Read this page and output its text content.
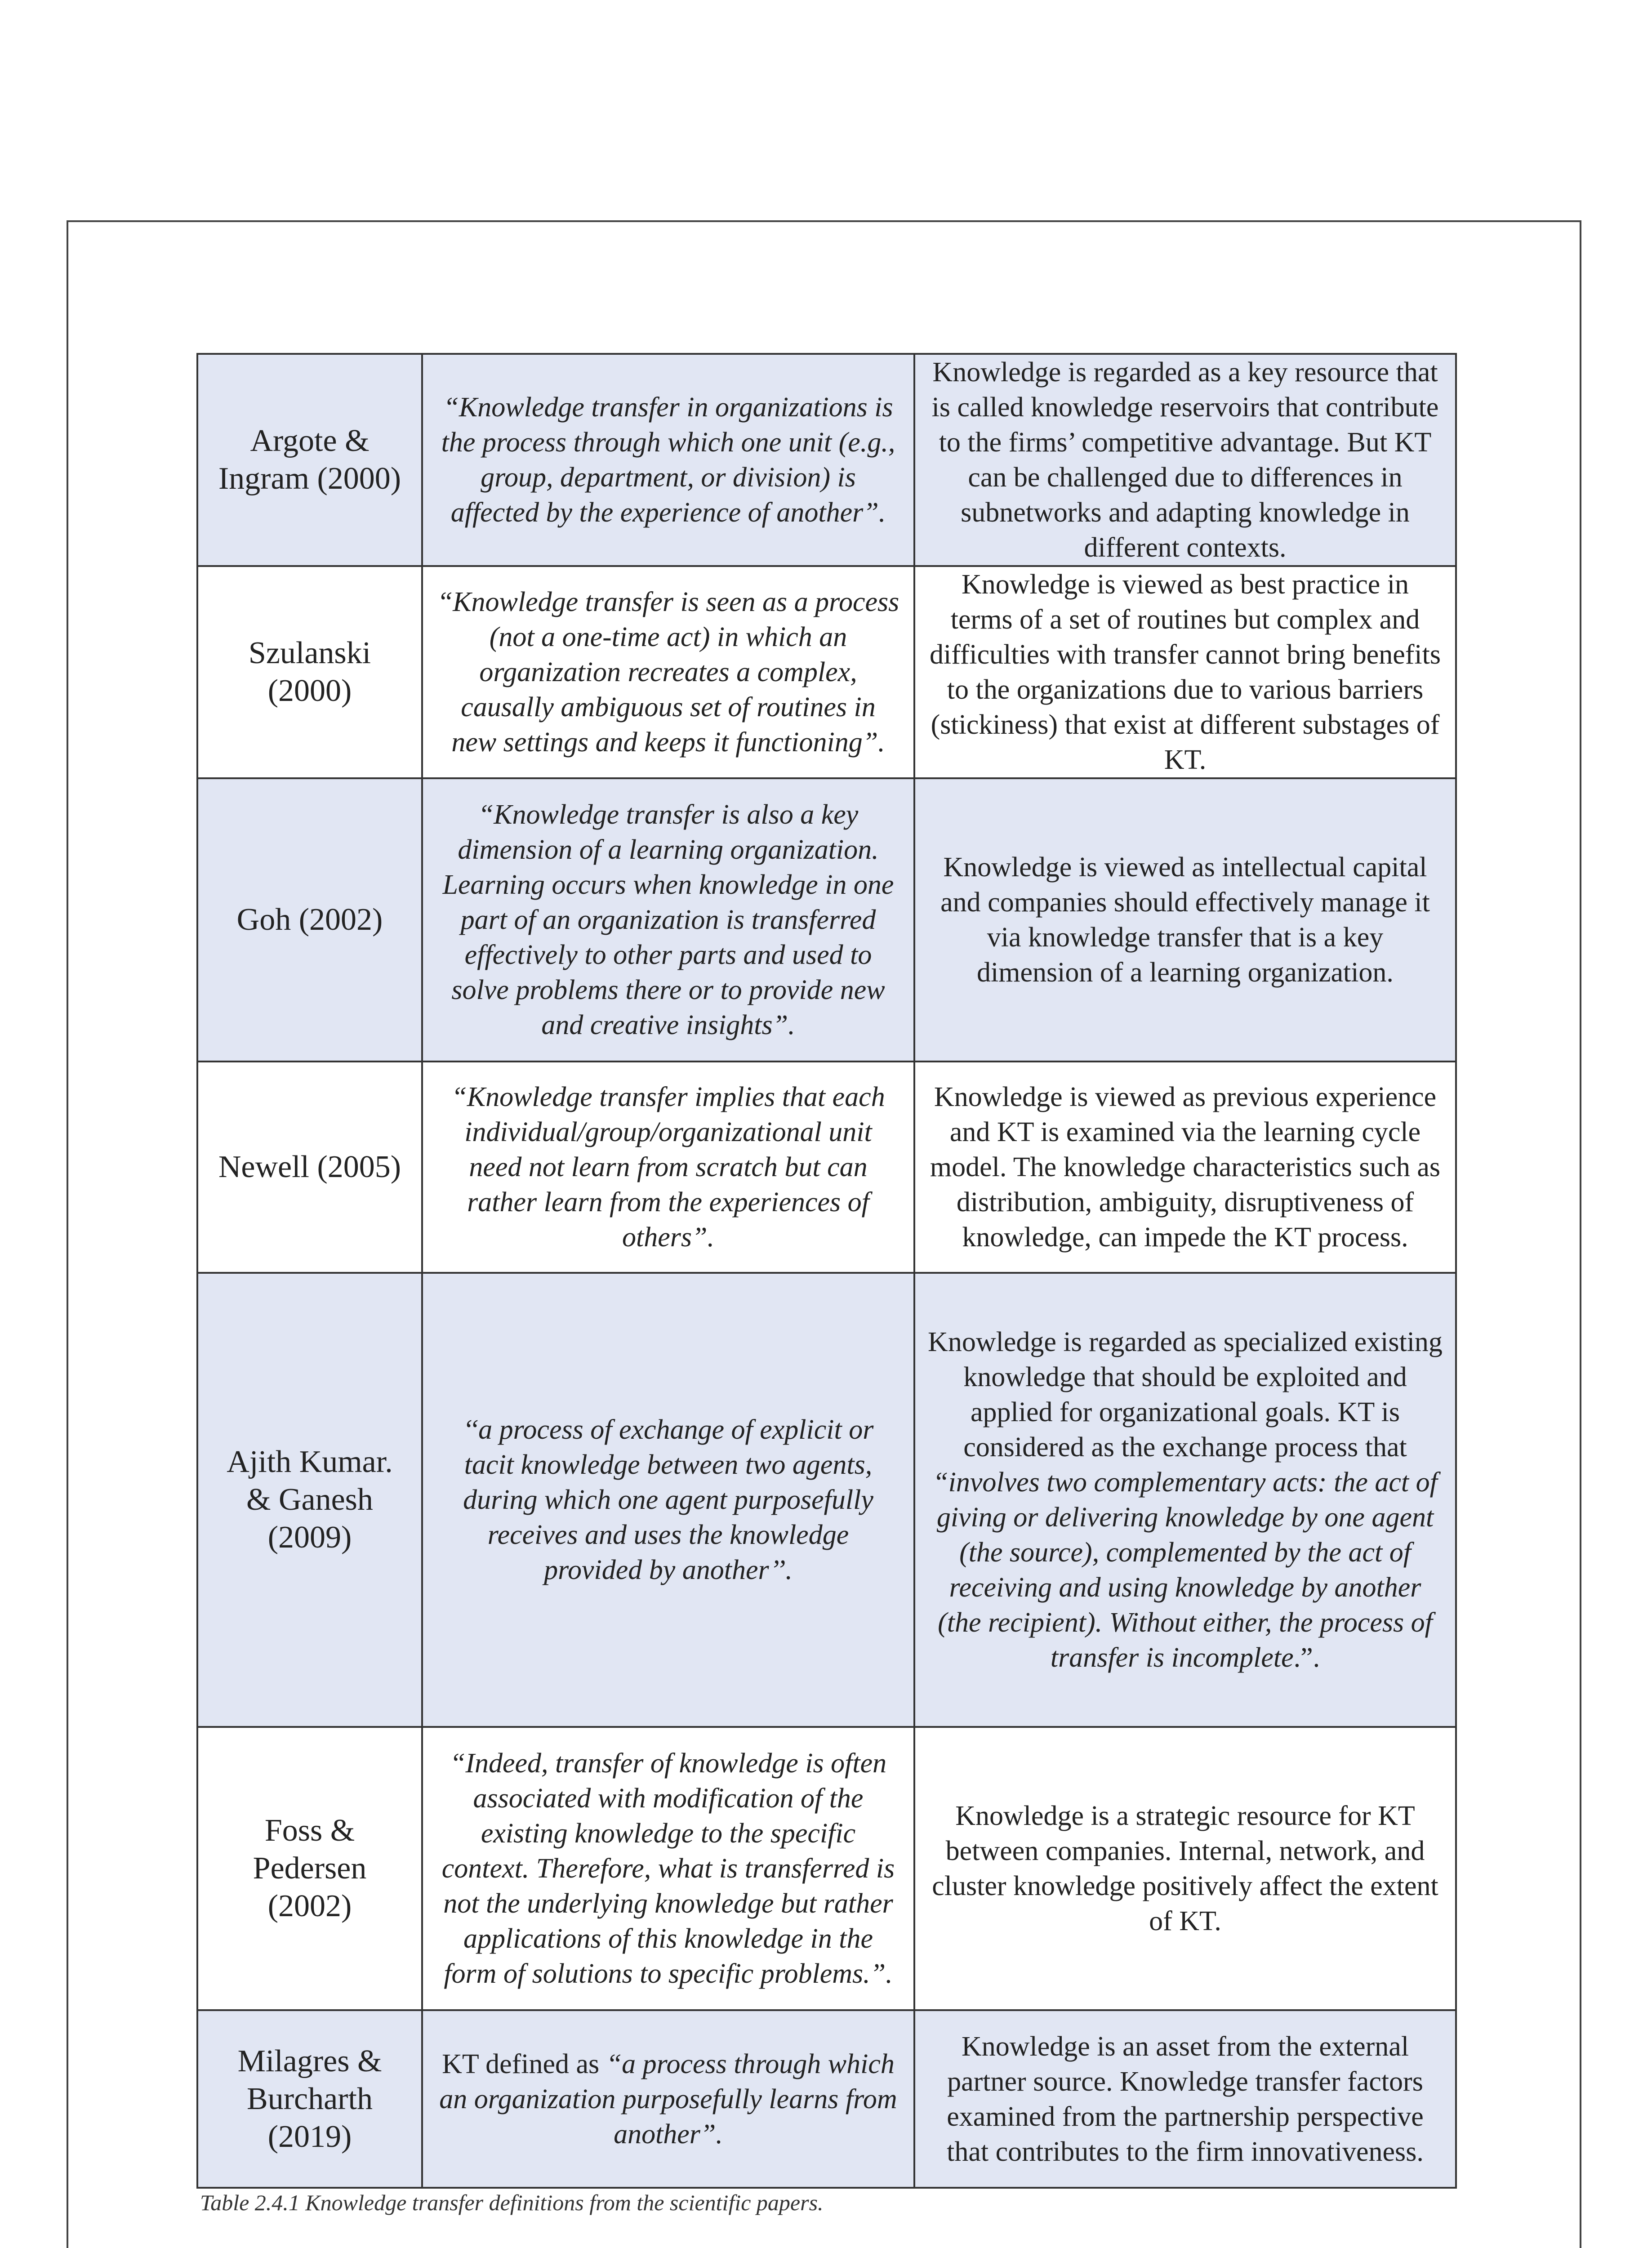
Argote & Ingram (2000)	“Knowledge transfer in organizations is the process through which one unit (e.g., group, department, or division) is affected by the experience of another”.	Knowledge is regarded as a key resource that is called knowledge reservoirs that contribute to the firms’ competitive advantage. But KT can be challenged due to differences in subnetworks and adapting knowledge in different contexts.
Szulanski (2000)	“Knowledge transfer is seen as a process (not a one-time act) in which an organization recreates a complex, causally ambiguous set of routines in new settings and keeps it functioning”.	Knowledge is viewed as best practice in terms of a set of routines but complex and difficulties with transfer cannot bring benefits to the organizations due to various barriers (stickiness) that exist at different substages of KT.
Goh (2002)	“Knowledge transfer is also a key dimension of a learning organization. Learning occurs when knowledge in one part of an organization is transferred effectively to other parts and used to solve problems there or to provide new and creative insights”.	Knowledge is viewed as intellectual capital and companies should effectively manage it via knowledge transfer that is a key dimension of a learning organization.
Newell (2005)	“Knowledge transfer implies that each individual/group/organizational unit need not learn from scratch but can rather learn from the experiences of others”.	Knowledge is viewed as previous experience and KT is examined via the learning cycle model. The knowledge characteristics such as distribution, ambiguity, disruptiveness of knowledge, can impede the KT process.
Ajith Kumar. & Ganesh (2009)	‘‘a process of exchange of explicit or tacit knowledge between two agents, during which one agent purposefully receives and uses the knowledge provided by another’’.	Knowledge is regarded as specialized existing knowledge that should be exploited and applied for organizational goals. KT is considered as the exchange process that “involves two complementary acts: the act of giving or delivering knowledge by one agent (the source), complemented by the act of receiving and using knowledge by another (the recipient). Without either, the process of transfer is incomplete.”.
Foss & Pedersen (2002)	“Indeed, transfer of knowledge is often associated with modification of the existing knowledge to the specific context. Therefore, what is transferred is not the underlying knowledge but rather applications of this knowledge in the form of solutions to specific problems.”.	Knowledge is a strategic resource for KT between companies. Internal, network, and cluster knowledge positively affect the extent of KT.
Milagres & Burcharth (2019)	KT defined as “a process through which an organization purposefully learns from another”.	Knowledge is an asset from the external partner source. Knowledge transfer factors examined from the partnership perspective that contributes to the firm innovativeness.
Table 2.4.1 Knowledge transfer definitions from the scientific papers.
